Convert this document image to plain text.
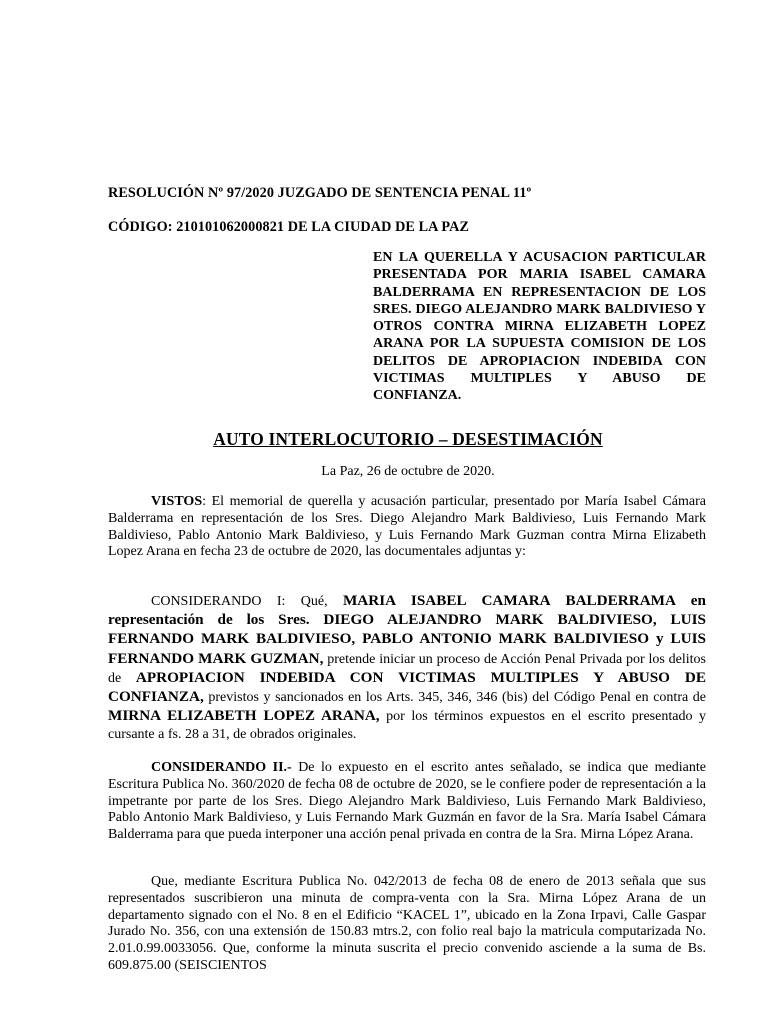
RESOLUCIÓN Nº 97/2020 JUZGADO DE SENTENCIA PENAL 11º
CÓDIGO: 210101062000821 DE LA CIUDAD DE LA PAZ

EN LA QUERELLA Y ACUSACION PARTICULAR PRESENTADA POR MARIA ISABEL CAMARA BALDERRAMA EN REPRESENTACION DE LOS SRES. DIEGO ALEJANDRO MARK BALDIVIESO Y OTROS CONTRA MIRNA ELIZABETH LOPEZ ARANA POR LA SUPUESTA COMISION DE LOS DELITOS DE APROPIACION INDEBIDA CON VICTIMAS MULTIPLES Y ABUSO DE CONFIANZA.

AUTO INTERLOCUTORIO – DESESTIMACIÓN
La Paz, 26 de octubre de 2020.

VISTOS: El memorial de querella y acusación particular, presentado por María Isabel Cámara Balderrama en representación de los Sres. Diego Alejandro Mark Baldivieso, Luis Fernando Mark Baldivieso, Pablo Antonio Mark Baldivieso, y Luis Fernando Mark Guzman contra Mirna Elizabeth Lopez Arana en fecha 23 de octubre de 2020, las documentales adjuntas y:

CONSIDERANDO I: Qué, MARIA ISABEL CAMARA BALDERRAMA en representación de los Sres. DIEGO ALEJANDRO MARK BALDIVIESO, LUIS FERNANDO MARK BALDIVIESO, PABLO ANTONIO MARK BALDIVIESO y LUIS FERNANDO MARK GUZMAN, pretende iniciar un proceso de Acción Penal Privada por los delitos de APROPIACION INDEBIDA CON VICTIMAS MULTIPLES Y ABUSO DE CONFIANZA, previstos y sancionados en los Arts. 345, 346, 346 (bis) del Código Penal en contra de MIRNA ELIZABETH LOPEZ ARANA, por los términos expuestos en el escrito presentado y cursante a fs. 28 a 31, de obrados originales.

CONSIDERANDO II.- De lo expuesto en el escrito antes señalado, se indica que mediante Escritura Publica No. 360/2020 de fecha 08 de octubre de 2020, se le confiere poder de representación a la impetrante por parte de los Sres. Diego Alejandro Mark Baldivieso, Luis Fernando Mark Baldivieso, Pablo Antonio Mark Baldivieso, y Luis Fernando Mark Guzmán en favor de la Sra. María Isabel Cámara Balderrama para que pueda interponer una acción penal privada en contra de la Sra. Mirna López Arana.

Que, mediante Escritura Publica No. 042/2013 de fecha 08 de enero de 2013 señala que sus representados suscribieron una minuta de compra-venta con la Sra. Mirna López Arana de un departamento signado con el No. 8 en el Edificio “KACEL 1”, ubicado en la Zona Irpavi, Calle Gaspar Jurado No. 356, con una extensión de 150.83 mtrs.2, con folio real bajo la matricula computarizada No. 2.01.0.99.0033056. Que, conforme la minuta suscrita el precio convenido asciende a la suma de Bs. 609.875.00 (SEISCIENTOS
